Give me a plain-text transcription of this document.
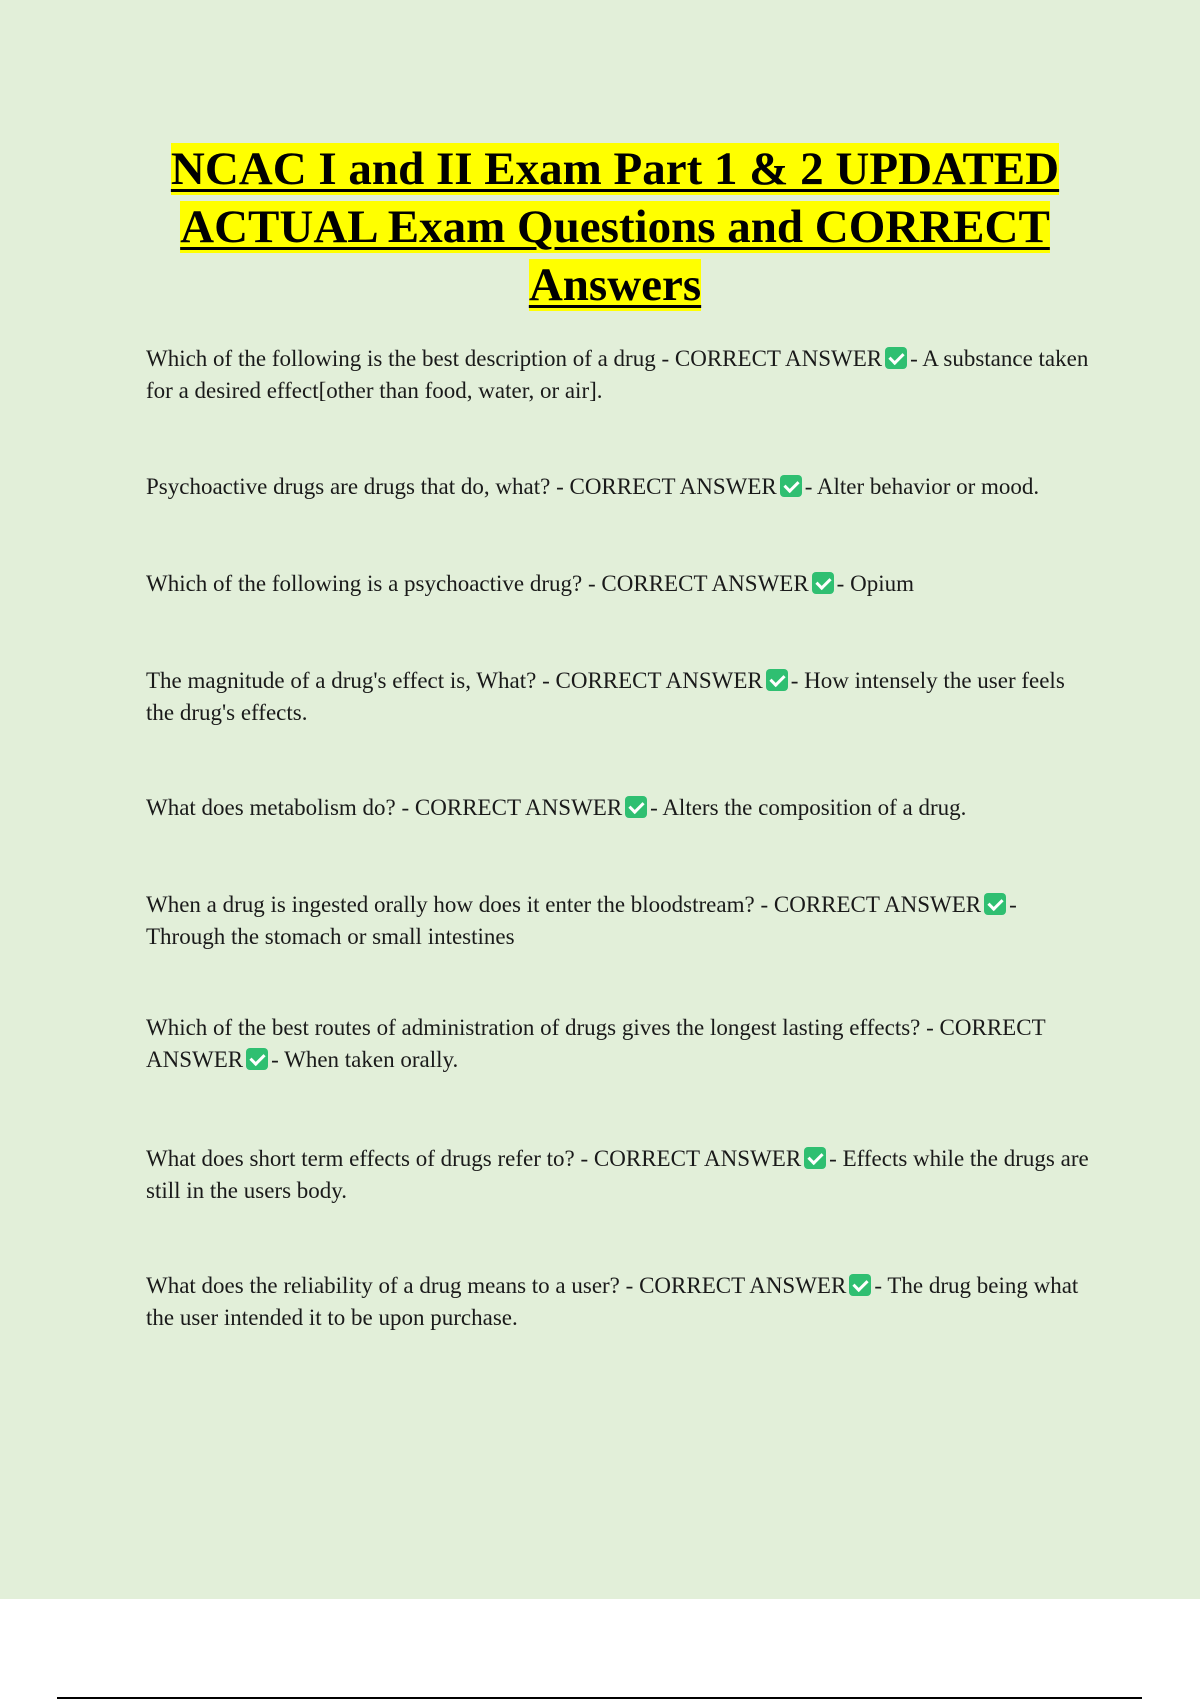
NCAC I and II Exam Part 1 & 2 UPDATED ACTUAL Exam Questions and CORRECT Answers

Which of the following is the best description of a drug - CORRECT ANSWER - A substance taken for a desired effect[other than food, water, or air].

Psychoactive drugs are drugs that do, what? - CORRECT ANSWER - Alter behavior or mood.

Which of the following is a psychoactive drug? - CORRECT ANSWER - Opium

The magnitude of a drug's effect is, What? - CORRECT ANSWER - How intensely the user feels the drug's effects.

What does metabolism do? - CORRECT ANSWER - Alters the composition of a drug.

When a drug is ingested orally how does it enter the bloodstream? - CORRECT ANSWER - Through the stomach or small intestines

Which of the best routes of administration of drugs gives the longest lasting effects? - CORRECT ANSWER - When taken orally.

What does short term effects of drugs refer to? - CORRECT ANSWER - Effects while the drugs are still in the users body.

What does the reliability of a drug means to a user? - CORRECT ANSWER - The drug being what the user intended it to be upon purchase.
